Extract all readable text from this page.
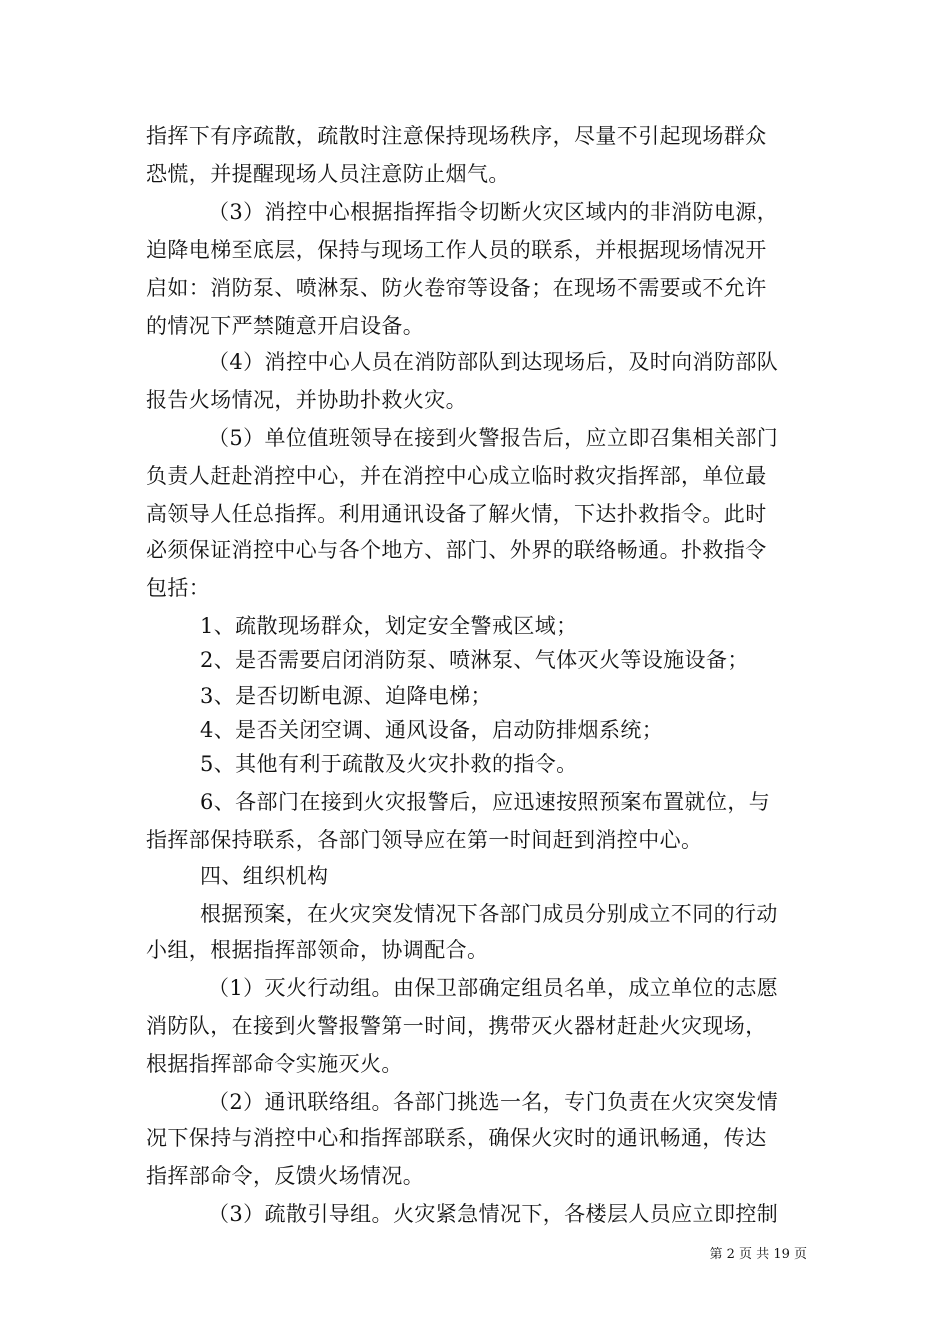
指挥下有序疏散，疏散时注意保持现场秩序，尽量不引起现场群众
恐慌，并提醒现场人员注意防止烟气。
（3）消控中心根据指挥指令切断火灾区域内的非消防电源，
迫降电梯至底层，保持与现场工作人员的联系，并根据现场情况开
启如：消防泵、喷淋泵、防火卷帘等设备；在现场不需要或不允许
的情况下严禁随意开启设备。
（4）消控中心人员在消防部队到达现场后，及时向消防部队
报告火场情况，并协助扑救火灾。
（5）单位值班领导在接到火警报告后，应立即召集相关部门
负责人赶赴消控中心，并在消控中心成立临时救灾指挥部，单位最
高领导人任总指挥。利用通讯设备了解火情，下达扑救指令。此时
必须保证消控中心与各个地方、部门、外界的联络畅通。扑救指令
包括：
1、疏散现场群众，划定安全警戒区域；
2、是否需要启闭消防泵、喷淋泵、气体灭火等设施设备；
3、是否切断电源、迫降电梯；
4、是否关闭空调、通风设备，启动防排烟系统；
5、其他有利于疏散及火灾扑救的指令。
6、各部门在接到火灾报警后，应迅速按照预案布置就位，与
指挥部保持联系，各部门领导应在第一时间赶到消控中心。
四、组织机构
根据预案，在火灾突发情况下各部门成员分别成立不同的行动
小组，根据指挥部领命，协调配合。
（1）灭火行动组。由保卫部确定组员名单，成立单位的志愿
消防队，在接到火警报警第一时间，携带灭火器材赶赴火灾现场，
根据指挥部命令实施灭火。
（2）通讯联络组。各部门挑选一名，专门负责在火灾突发情
况下保持与消控中心和指挥部联系，确保火灾时的通讯畅通，传达
指挥部命令，反馈火场情况。
（3）疏散引导组。火灾紧急情况下，各楼层人员应立即控制
第 2 页 共 19 页
